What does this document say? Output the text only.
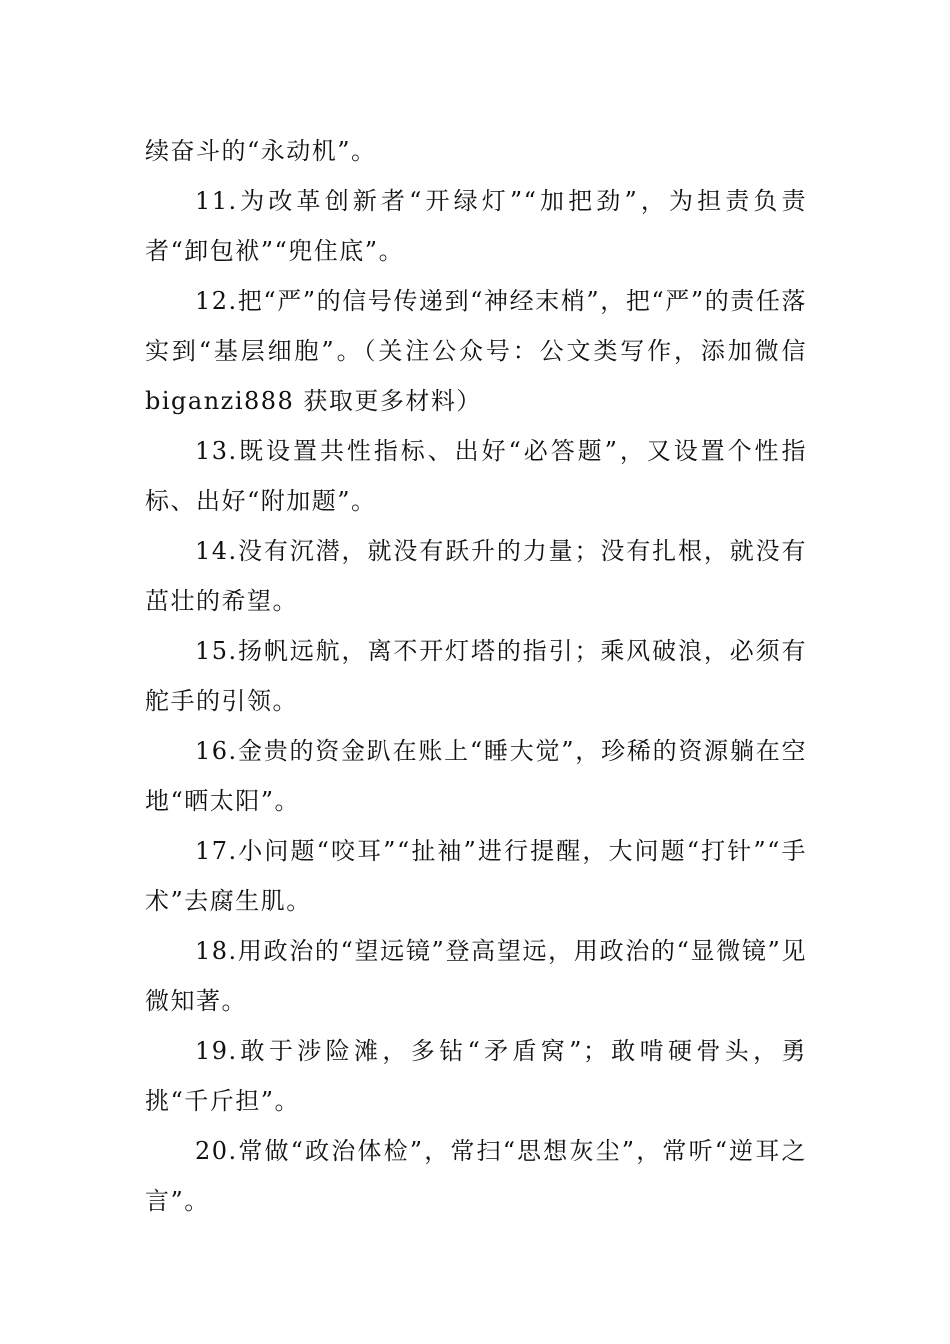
续奋斗的“永动机”。

11.为改革创新者“开绿灯”“加把劲”，为担责负责者“卸包袱”“兜住底”。

12.把“严”的信号传递到“神经末梢”，把“严”的责任落实到“基层细胞”。（关注公众号：公文类写作，添加微信 biganzi888 获取更多材料）

13.既设置共性指标、出好“必答题”，又设置个性指标、出好“附加题”。

14.没有沉潜，就没有跃升的力量；没有扎根，就没有茁壮的希望。

15.扬帆远航，离不开灯塔的指引；乘风破浪，必须有舵手的引领。

16.金贵的资金趴在账上“睡大觉”，珍稀的资源躺在空地“晒太阳”。

17.小问题“咬耳”“扯袖”进行提醒，大问题“打针”“手术”去腐生肌。

18.用政治的“望远镜”登高望远，用政治的“显微镜”见微知著。

19.敢于涉险滩，多钻“矛盾窝”；敢啃硬骨头，勇挑“千斤担”。

20.常做“政治体检”，常扫“思想灰尘”，常听“逆耳之言”。
